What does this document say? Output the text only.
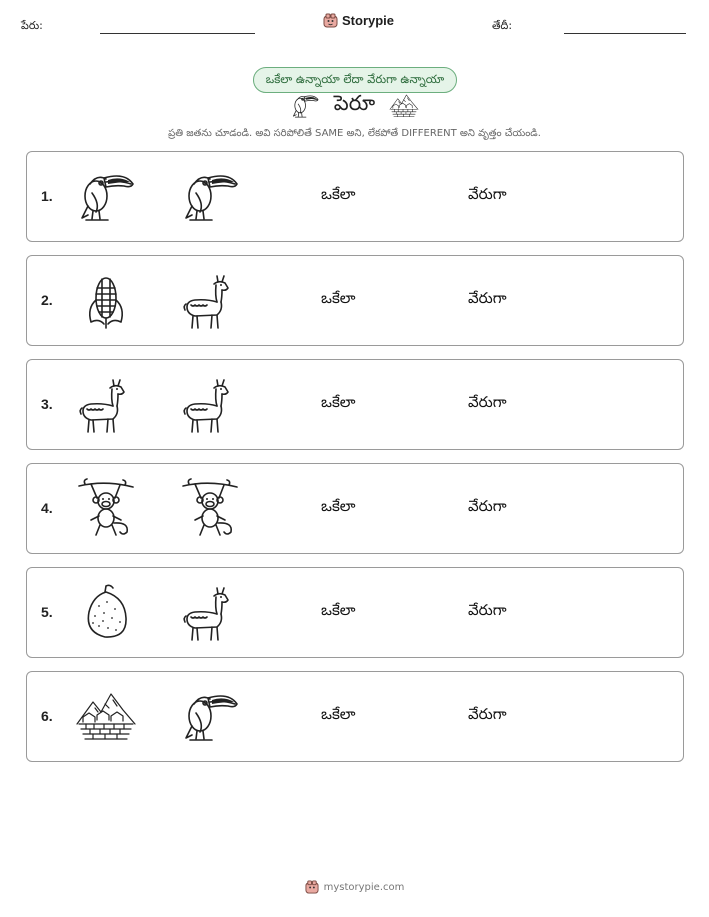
పేరు:	Storypie	తేదీ:
ఒకేలా ఉన్నాయా లేదా వేరుగా ఉన్నాయా
పెరూ
ప్రతి జతను చూడండి. అవి సరిపోలితే SAME అని, లేకపోతే DIFFERENT అని వృత్తం చేయండి.
1.	ఒకేలా	వేరుగా
2.	ఒకేలా	వేరుగా
3.	ఒకేలా	వేరుగా
4.	ఒకేలా	వేరుగా
5.	ఒకేలా	వేరుగా
6.	ఒకేలా	వేరుగా
mystorypie.com
